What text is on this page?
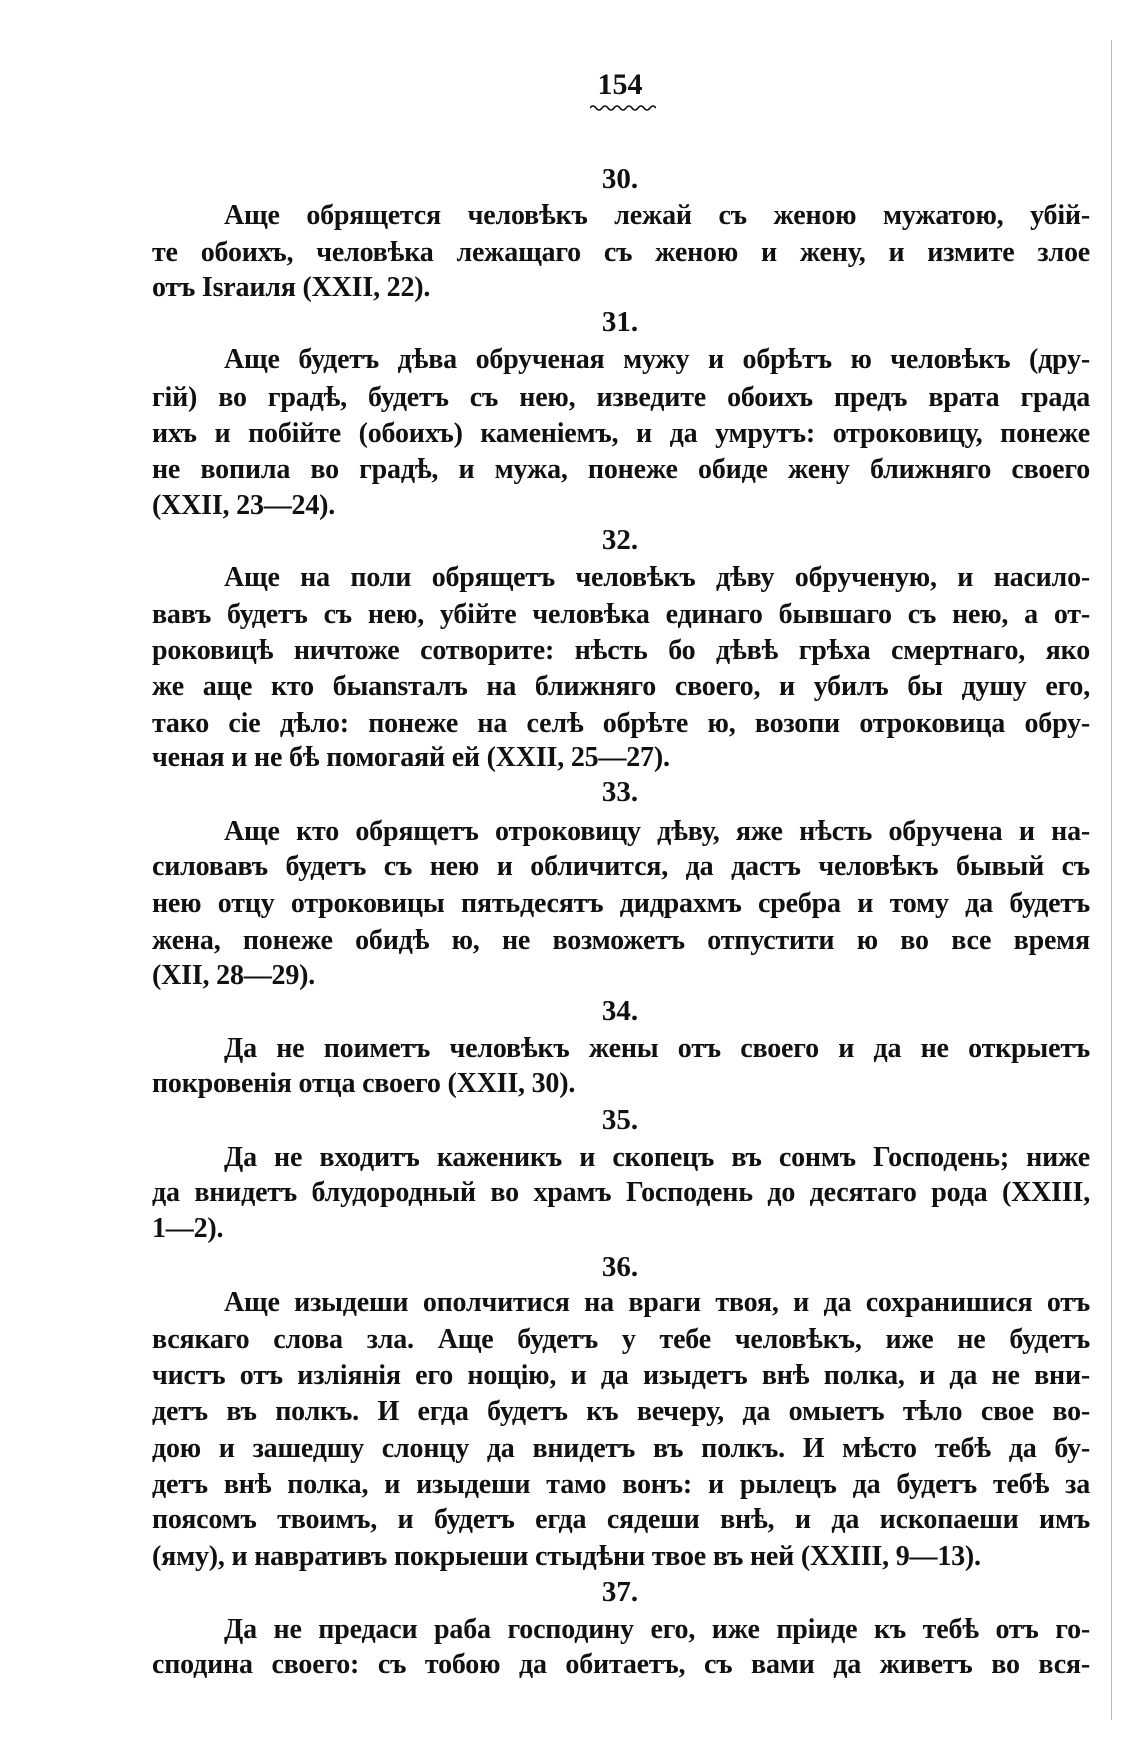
154
30.
Аще обрящется человѣкъ лежай съ женою мужатою, убій-
те обоихъ, человѣка лежащаго съ женою и жену, и измите злое
отъ Israиля (XXII, 22).
31.
Аще будетъ дѣва обрученая мужу и обрѣтъ ю человѣкъ (дру-
гій) во градѣ, будетъ съ нею, изведите обоихъ предъ врата града
ихъ и побійте (обоихъ) каменіемъ, и да умрутъ: отроковицу, понеже
не вопила во градѣ, и мужа, понеже обиде жену ближняго своего
(XXII, 23—24).
32.
Аще на поли обрящетъ человѣкъ дѣву обрученую, и насило-
вавъ будетъ съ нею, убійте человѣка единаго бывшаго съ нею, а от-
роковицѣ ничтоже сотворите: нѣсть бо дѣвѣ грѣха смертнаго, яко
же аще кто быansталъ на ближняго своего, и убилъ бы душу его,
тако сіе дѣло: понеже на селѣ обрѣте ю, возопи отроковица обру-
ченая и не бѣ помогаяй ей (XXII, 25—27).
33.
Аще кто обрящетъ отроковицу дѣву, яже нѣсть обручена и на-
силовавъ будетъ съ нею и обличится, да дастъ человѣкъ бывый съ
нею отцу отроковицы пятьдесятъ дидрахмъ сребра и тому да будетъ
жена, понеже обидѣ ю, не возможетъ отпустити ю во все время
(XII, 28—29).
34.
Да не поиметъ человѣкъ жены отъ своего и да не открыетъ
покровенія отца своего (XXII, 30).
35.
Да не входитъ каженикъ и скопецъ въ сонмъ Господень; ниже
да внидетъ блудородный во храмъ Господень до десятаго рода (XXIII,
1—2).
36.
Аще изыдеши ополчитися на враги твоя, и да сохранишися отъ
всякаго слова зла. Аще будетъ у тебе человѣкъ, иже не будетъ
чистъ отъ изліянія его нощію, и да изыдетъ внѣ полка, и да не вни-
детъ въ полкъ. И егда будетъ къ вечеру, да омыетъ тѣло свое во-
дою и зашедшу слонцу да внидетъ въ полкъ. И мѣсто тебѣ да бу-
детъ внѣ полка, и изыдеши тамо вонъ: и рылецъ да будетъ тебѣ за
поясомъ твоимъ, и будетъ егда сядеши внѣ, и да ископаеши имъ
(яму), и навративъ покрыеши стыдѣни твое въ ней (XXIII, 9—13).
37.
Да не предаси раба господину его, иже пріиде къ тебѣ отъ го-
сподина своего: съ тобою да обитаетъ, съ вами да живетъ во вся-
